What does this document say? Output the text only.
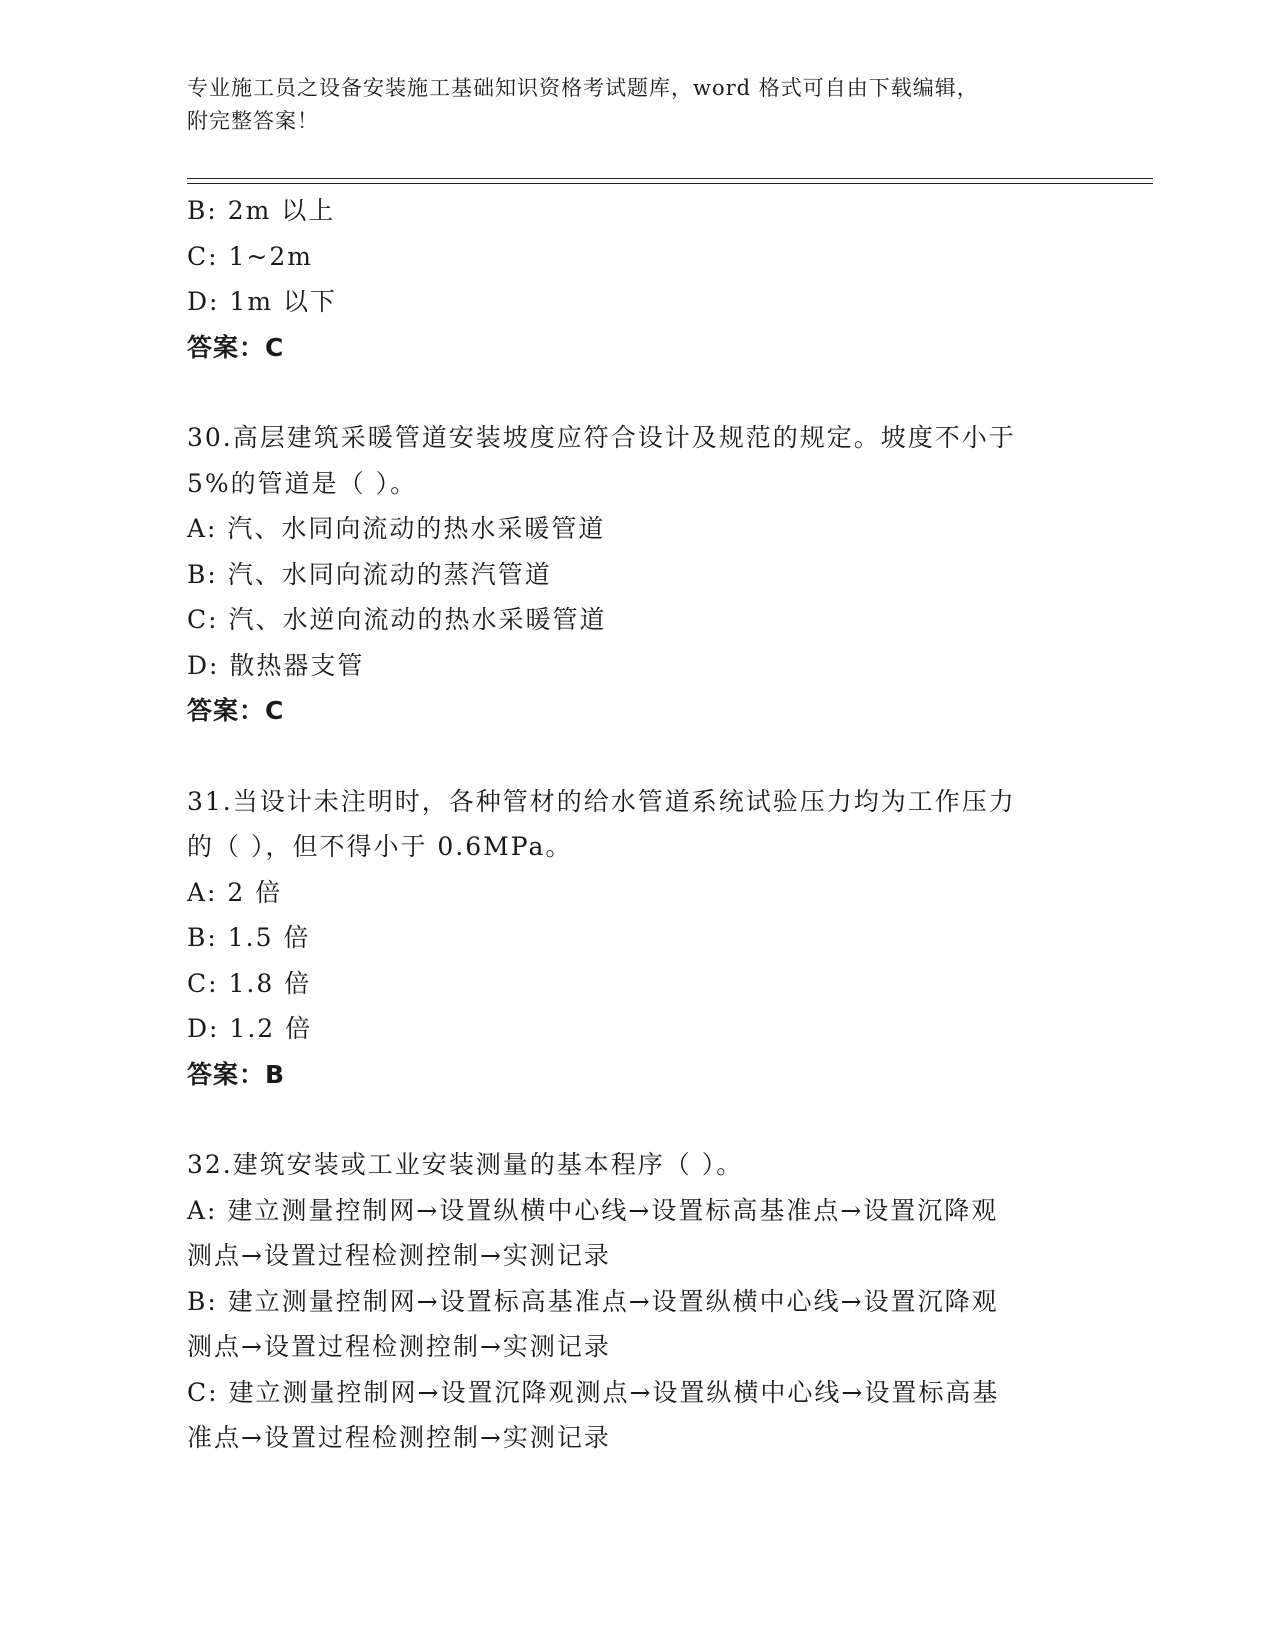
专业施工员之设备安装施工基础知识资格考试题库，word 格式可自由下载编辑，
附完整答案！
B: 2m 以上
C: 1~2m
D: 1m 以下
答案：C
30.高层建筑采暖管道安装坡度应符合设计及规范的规定。坡度不小于
5%的管道是（ ）。
A: 汽、水同向流动的热水采暖管道
B: 汽、水同向流动的蒸汽管道
C: 汽、水逆向流动的热水采暖管道
D: 散热器支管
答案：C
31.当设计未注明时，各种管材的给水管道系统试验压力均为工作压力
的（ ），但不得小于 0.6MPa。
A: 2 倍
B: 1.5 倍
C: 1.8 倍
D: 1.2 倍
答案：B
32.建筑安装或工业安装测量的基本程序（ ）。
A: 建立测量控制网→设置纵横中心线→设置标高基准点→设置沉降观
测点→设置过程检测控制→实测记录
B: 建立测量控制网→设置标高基准点→设置纵横中心线→设置沉降观
测点→设置过程检测控制→实测记录
C: 建立测量控制网→设置沉降观测点→设置纵横中心线→设置标高基
准点→设置过程检测控制→实测记录
